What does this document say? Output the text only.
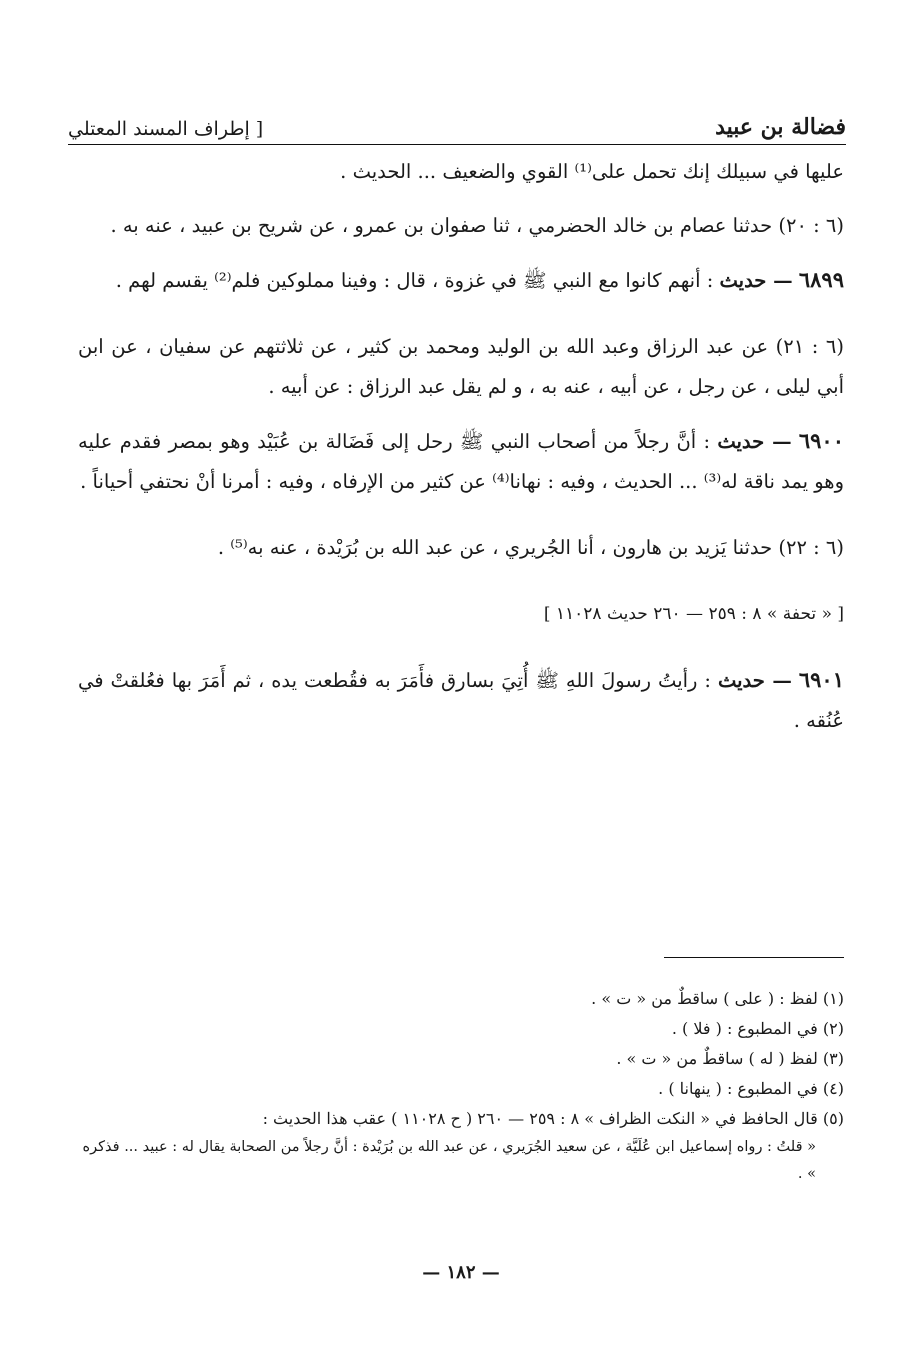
فضالة بن عبيد
[ إطراف المسند المعتلي

عليها في سبيلك إنك تحمل على⁽¹⁾ القوي والضعيف ... الحديث .

(٦ : ٢٠) حدثنا عصام بن خالد الحضرمي ، ثنا صفوان بن عمرو ، عن شريح بن عبيد ، عنه به .

٦٨٩٩ — حديث : أنهم كانوا مع النبي ﷺ في غزوة ، قال : وفينا مملوكين فلم⁽²⁾ يقسم لهم .

(٦ : ٢١) عن عبد الرزاق وعبد الله بن الوليد ومحمد بن كثير ، عن ثلاثتهم عن سفيان ، عن ابن أبي ليلى ، عن رجل ، عن أبيه ، عنه به ، و لم يقل عبد الرزاق : عن أبيه .

٦٩٠٠ — حديث : أنَّ رجلاً من أصحاب النبي ﷺ رحل إلى فَضَالة بن عُبَيْد وهو بمصر فقدم عليه وهو يمد ناقة له⁽³⁾ ... الحديث ، وفيه : نهانا⁽⁴⁾ عن كثير من الإرفاه ، وفيه : أمرنا أنْ نحتفي أحياناً .

(٦ : ٢٢) حدثنا يَزيد بن هارون ، أنا الجُريري ، عن عبد الله بن بُرَيْدة ، عنه به⁽⁵⁾ .

[ « تحفة » ٨ : ٢٥٩ — ٢٦٠ حديث ١١٠٢٨ ]

٦٩٠١ — حديث : رأيتُ رسولَ اللهِ ﷺ أُتِيَ بسارق فأَمَرَ به فقُطعت يده ، ثم أَمَرَ بها فعُلقتْ في عُنُقه .

(١) لفظ : ( على ) ساقطٌ من « ت » .

(٢) في المطبوع : ( فلا ) .

(٣) لفظ ( له ) ساقطٌ من « ت » .

(٤) في المطبوع : ( ينهانا ) .

(٥) قال الحافظ في « النكت الظراف » ٨ : ٢٥٩ — ٢٦٠ ( ح ١١٠٢٨ ) عقب هذا الحديث :

« قلتُ : رواه إسماعيل ابن عُلَيَّة ، عن سعيد الجُرَيري ، عن عبد الله بن بُرَيْدة : أنَّ رجلاً من الصحابة يقال له : عبيد ... فذكره » .

— ١٨٢ —
